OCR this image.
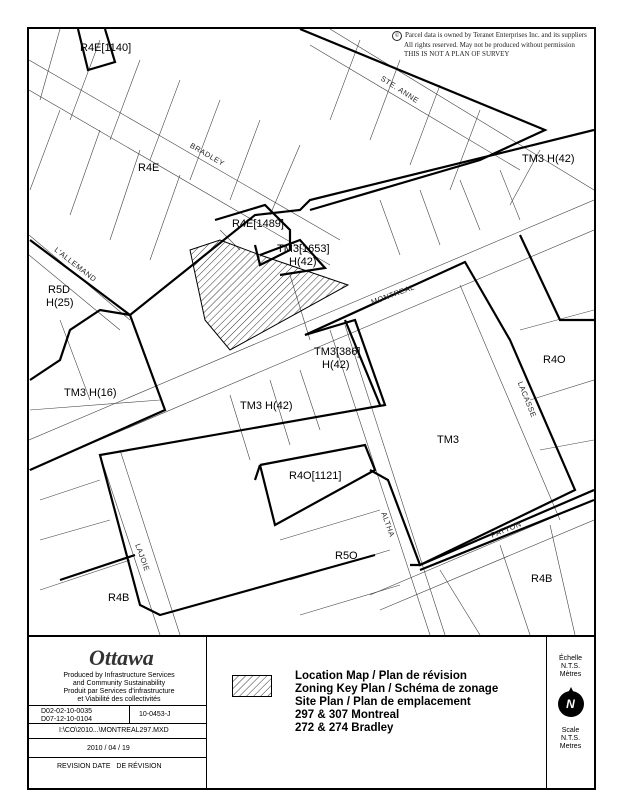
© Parcel data is owned by Teranet Enterprises Inc. and its suppliers
All rights reserved. May not be produced without permission
THIS IS NOT A PLAN OF SURVEY
R4E[1140]
R4E
TM3 H(42)
R4E[1489]
TM3[1653]
H(42)
R5D
H(25)
TM3[386]
H(42)	R4O
TM3 H(16)
TM3 H(42)
TM3
R4O[1121]
R5O
R4B
R4B
STE. ANNE
BRADLEY
L'ALLEMAND
MONTREAL
LACASSE
ALTHA	PATTON
LAJOIE
Ottawa
Produced by Infrastructure Services
and Community Sustainability
Produit par Services d'infrastructure
et Viabilité des collectivités
D02-02-10-0035
D07-12-10-0104
10-0453-J
I:\CO\2010...\MONTREAL297.MXD
2010 / 04 / 19
REVISION DATE DE RÉVISION
Location Map / Plan de révision
Zoning Key Plan / Schéma de zonage
Site Plan / Plan de emplacement
297 & 307 Montreal
272 & 274 Bradley
Échelle
N.T.S.
Mètres
N
Scale
N.T.S.
Metres
